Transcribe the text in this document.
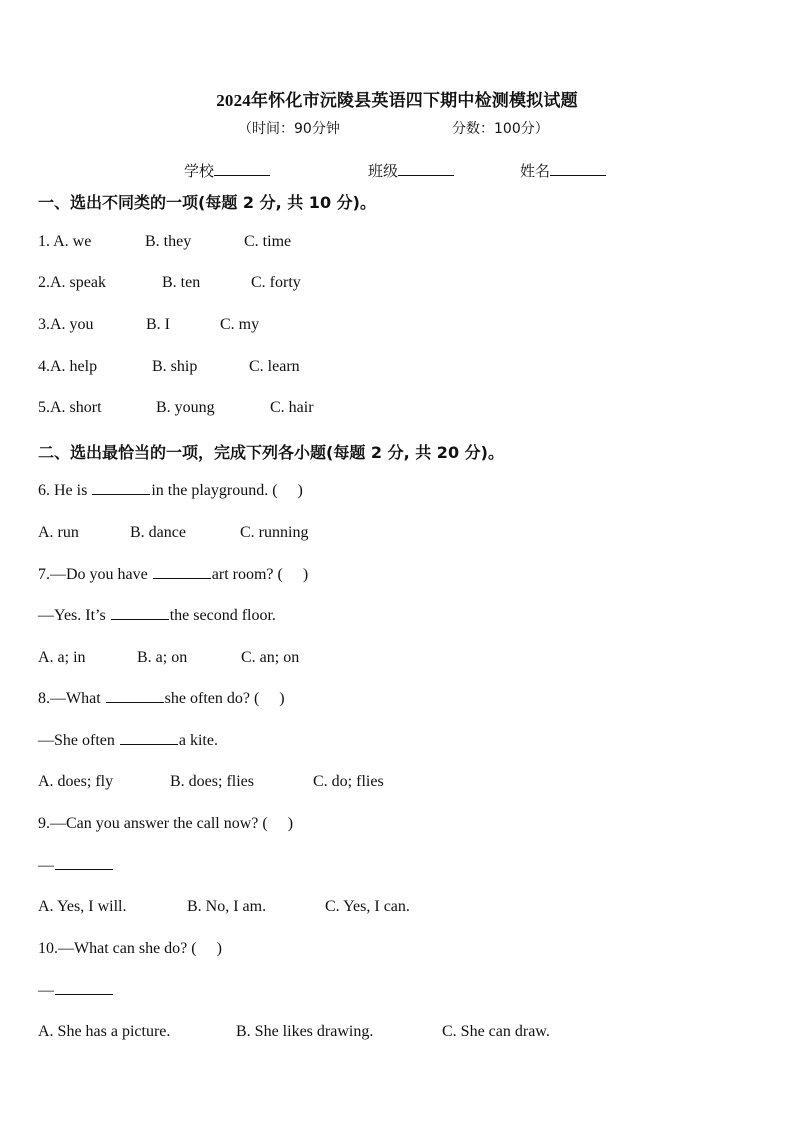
2024年怀化市沅陵县英语四下期中检测模拟试题
（时间：90分钟	分数：100分）
学校	班级	姓名
一、选出不同类的一项(每题 2 分, 共 10 分)。
1. A. we	B. they	C. time
2.A. speak	B. ten	C. forty
3.A. you	B. I	C. my
4.A. help	B. ship	C. learn
5.A. short	B. young	C. hair
二、选出最恰当的一项，完成下列各小题(每题 2 分, 共 20 分)。
6. He is	in the playground. ( )
A. run	B. dance	C. running
7.—Do you have	art room? ( )
—Yes. It’s	the second floor.
A. a; in	B. a; on	C. an; on
8.—What	she often do? ( )
—She often	a kite.
A. does; fly	B. does; flies	C. do; flies
9.—Can you answer the call now? ( )
—
A. Yes, I will.	B. No, I am.	C. Yes, I can.
10.—What can she do? ( )
—
A. She has a picture.	B. She likes drawing.	C. She can draw.
